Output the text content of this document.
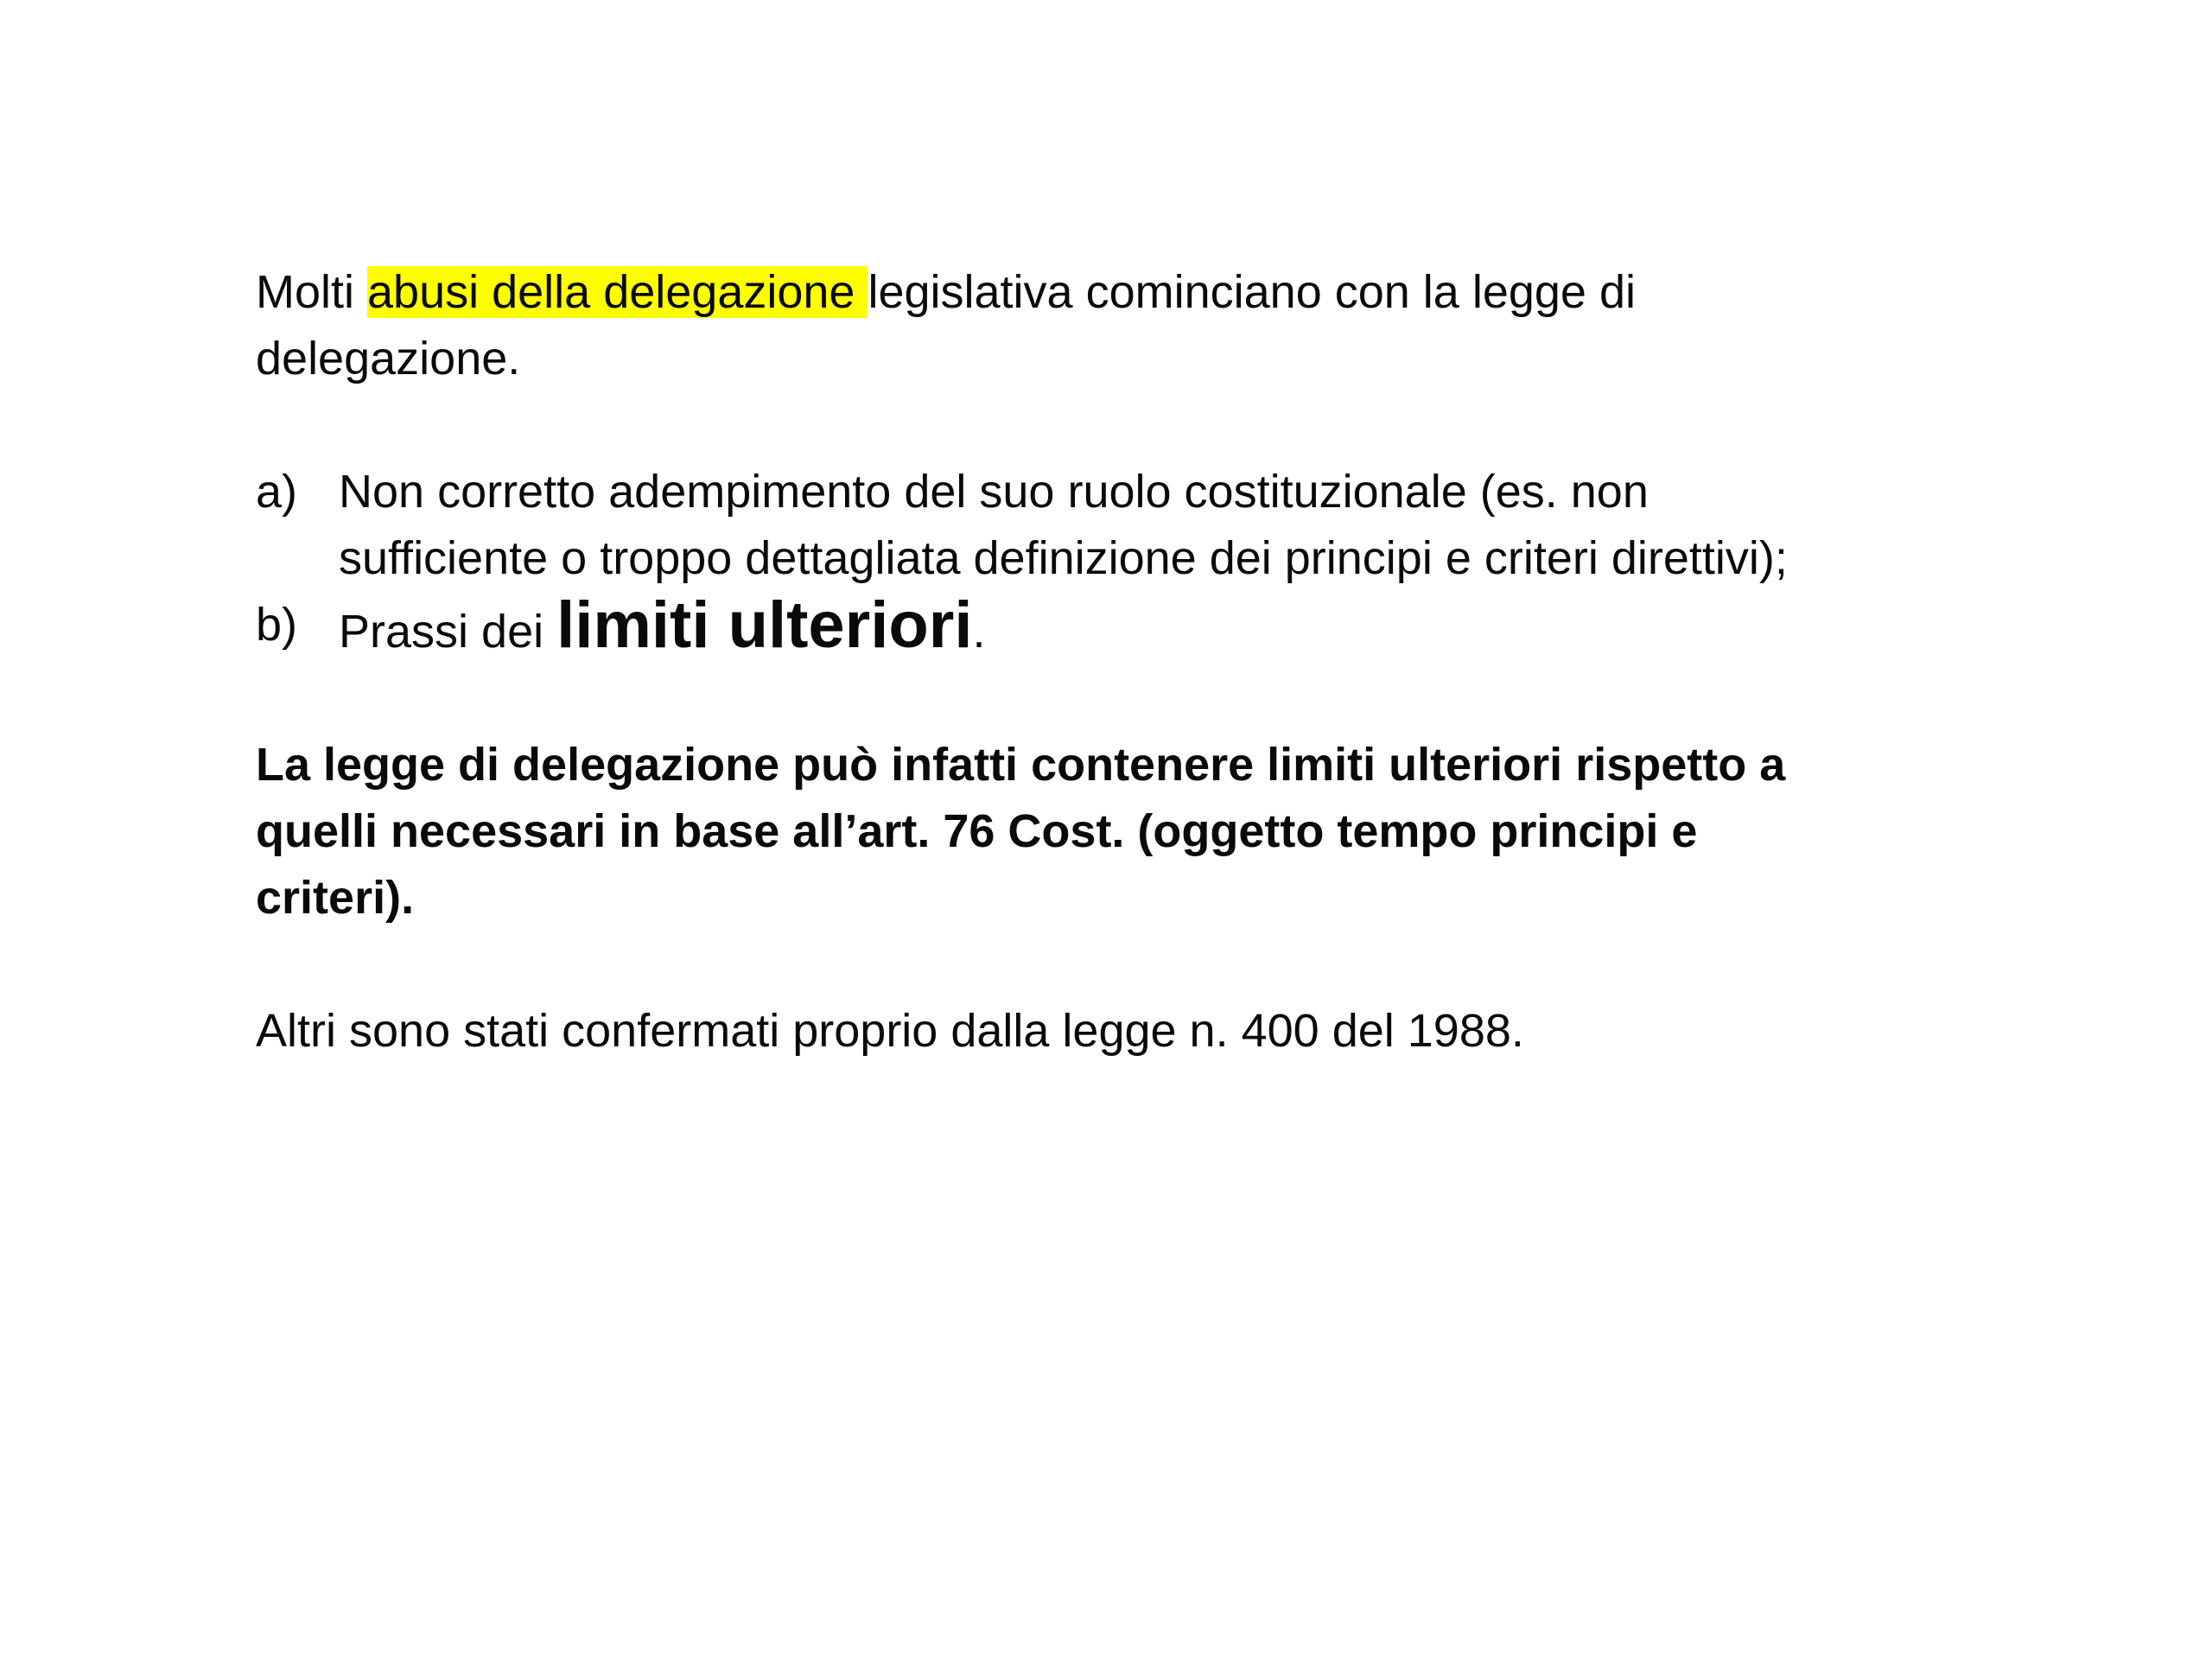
Molti abusi della delegazione legislativa cominciano con la legge di delegazione.

a) Non corretto adempimento del suo ruolo costituzionale (es. non sufficiente o troppo dettagliata definizione dei principi e criteri direttivi);
b) Prassi dei limiti ulteriori.

La legge di delegazione può infatti contenere limiti ulteriori rispetto a quelli necessari in base all’art. 76 Cost. (oggetto tempo principi e criteri).

Altri sono stati confermati proprio dalla legge n. 400 del 1988.
